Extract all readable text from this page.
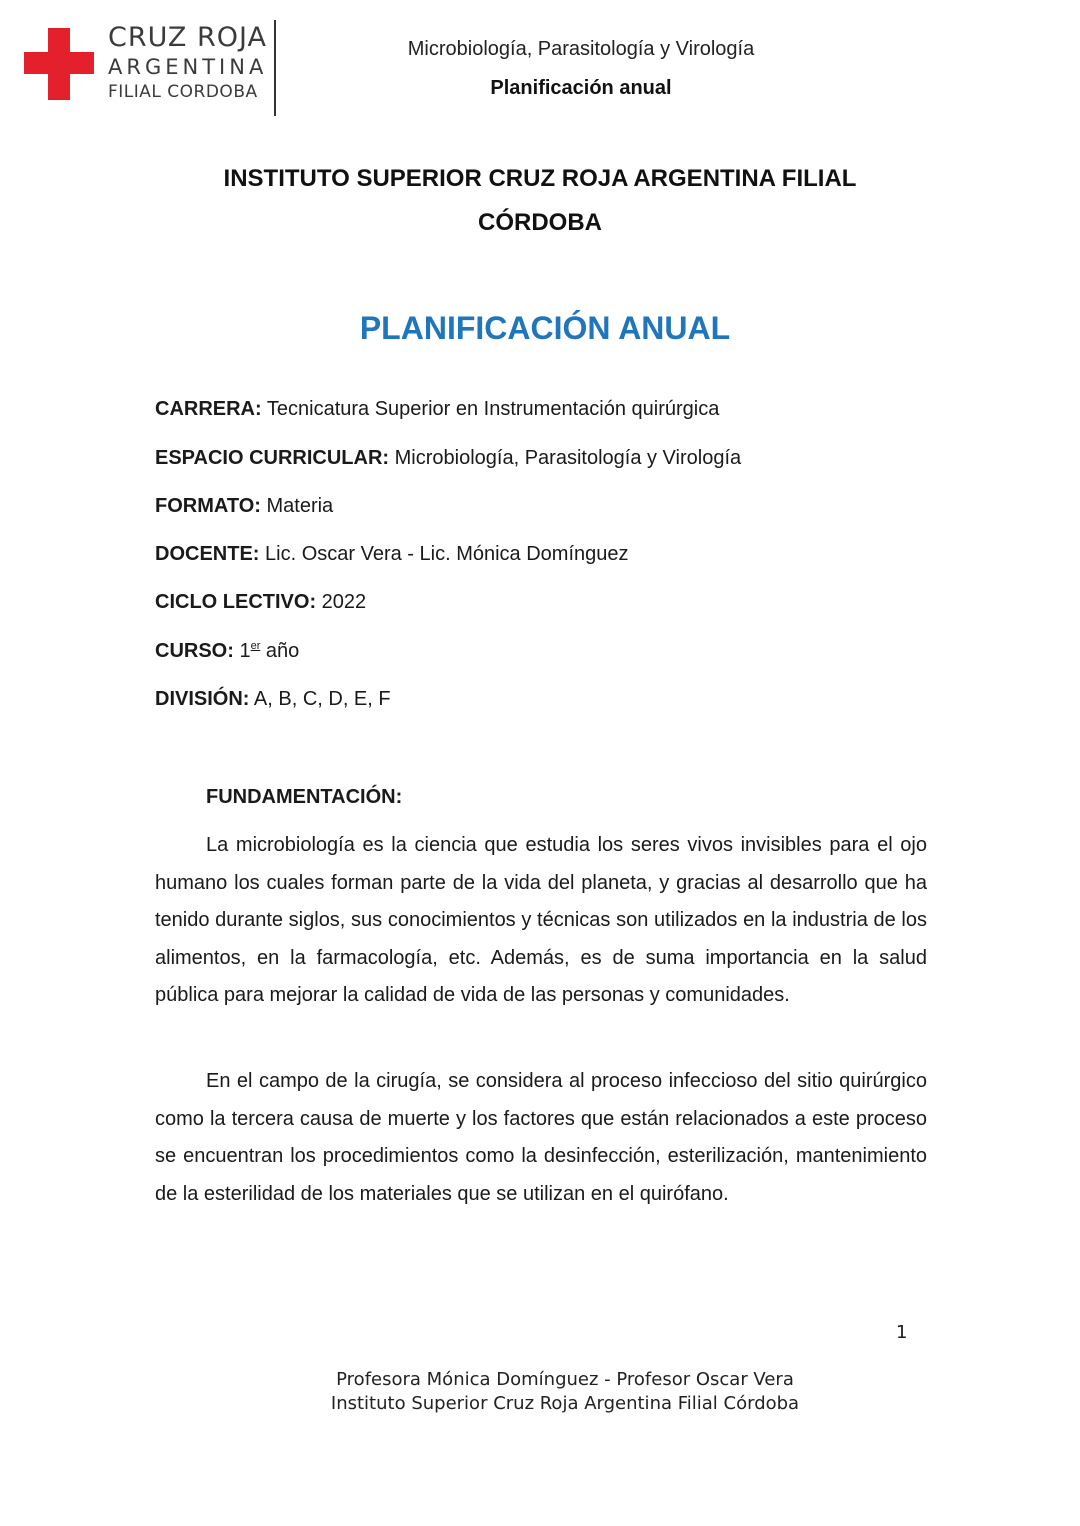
CRUZ ROJA
ARGENTINA
FILIAL CORDOBA
Microbiología, Parasitología y Virología
Planificación anual
INSTITUTO SUPERIOR CRUZ ROJA ARGENTINA FILIAL
CÓRDOBA
PLANIFICACIÓN ANUAL
CARRERA: Tecnicatura Superior en Instrumentación quirúrgica
ESPACIO CURRICULAR: Microbiología, Parasitología y Virología
FORMATO: Materia
DOCENTE: Lic. Oscar Vera - Lic. Mónica Domínguez
CICLO LECTIVO: 2022
CURSO: 1er año
DIVISIÓN: A, B, C, D, E, F
FUNDAMENTACIÓN:

La microbiología es la ciencia que estudia los seres vivos invisibles para el ojo humano los cuales forman parte de la vida del planeta, y gracias al desarrollo que ha tenido durante siglos, sus conocimientos y técnicas son utilizados en la industria de los alimentos, en la farmacología, etc. Además, es de suma importancia en la salud pública para mejorar la calidad de vida de las personas y comunidades.

En el campo de la cirugía, se considera al proceso infeccioso del sitio quirúrgico como la tercera causa de muerte y los factores que están relacionados a este proceso se encuentran los procedimientos como la desinfección, esterilización, mantenimiento de la esterilidad de los materiales que se utilizan en el quirófano.

1
Profesora Mónica Domínguez - Profesor Oscar Vera
Instituto Superior Cruz Roja Argentina Filial Córdoba
